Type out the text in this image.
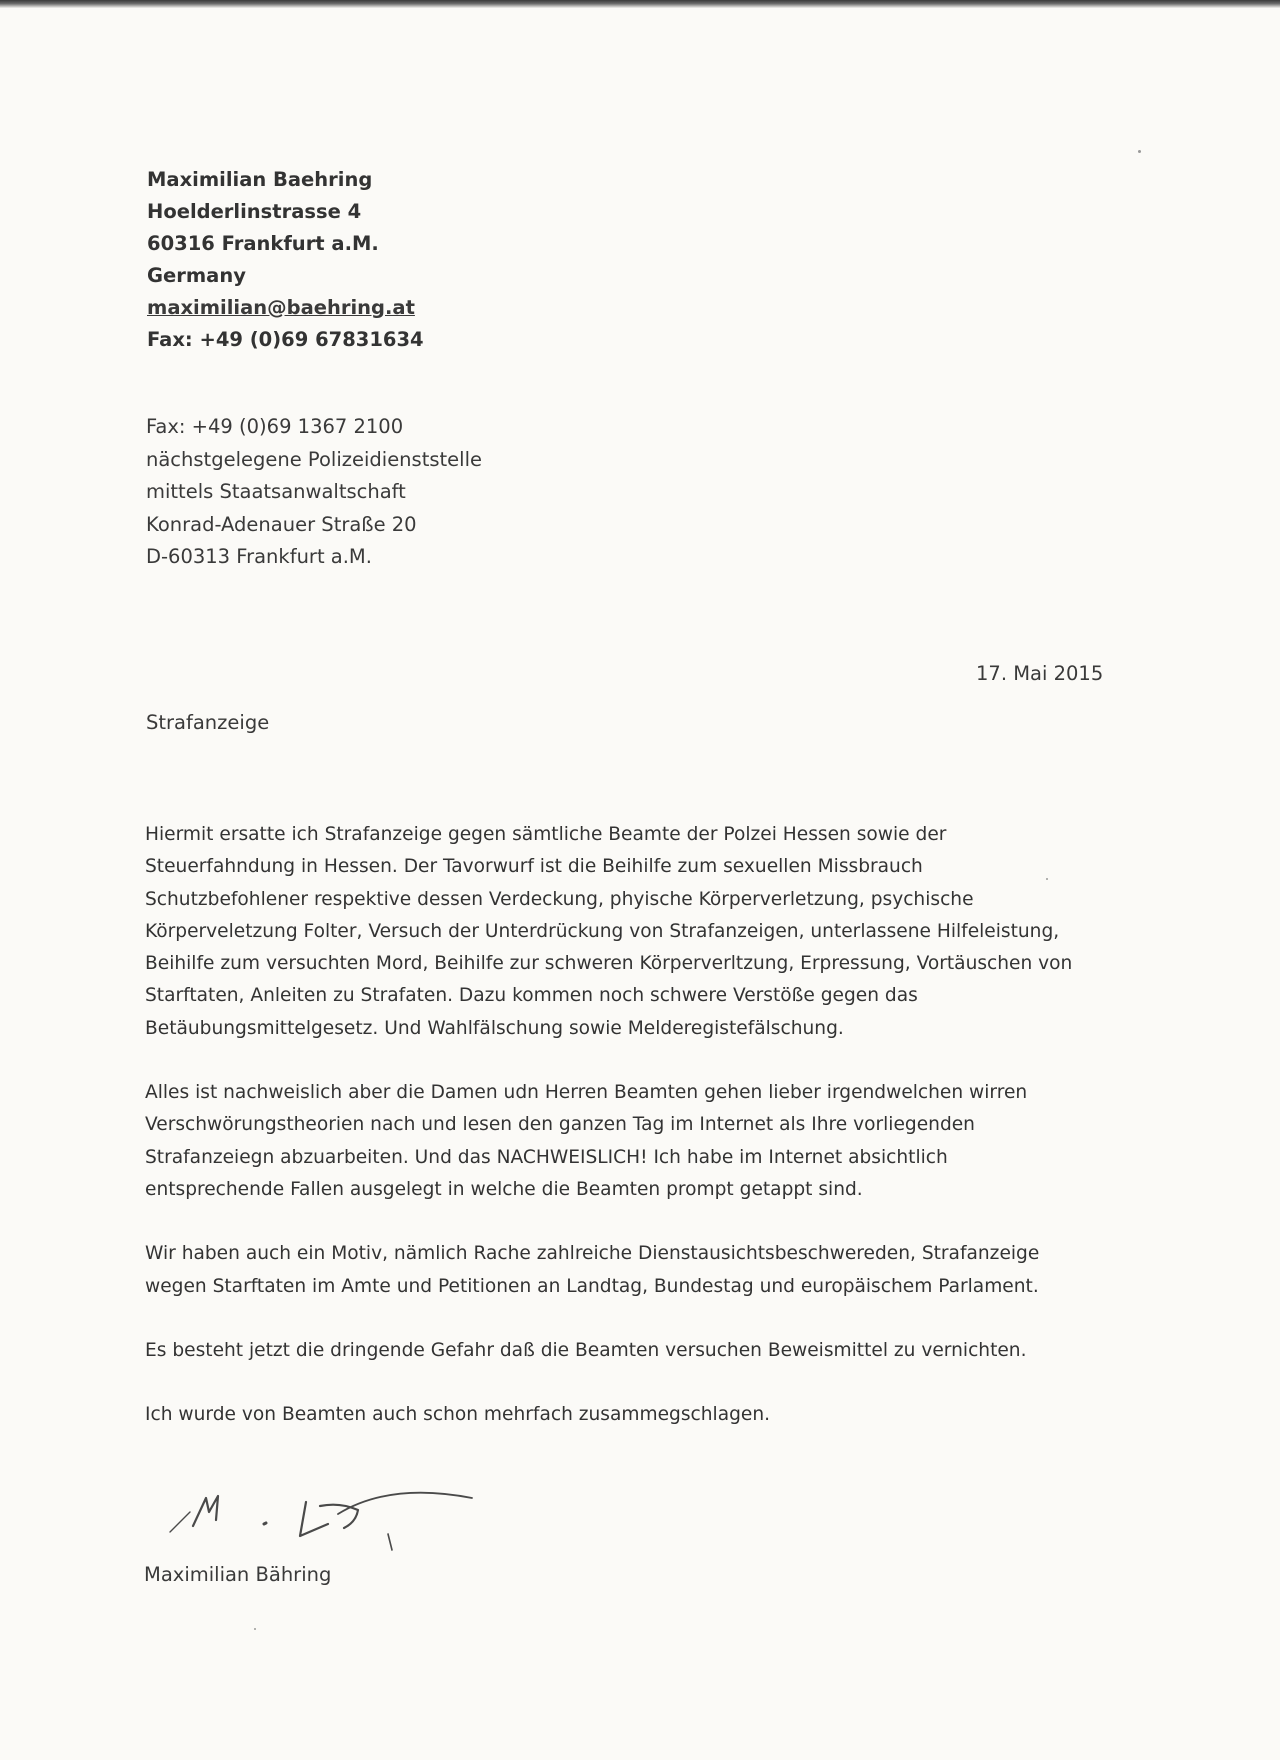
Maximilian Baehring
Hoelderlinstrasse 4
60316 Frankfurt a.M.
Germany
maximilian@baehring.at
Fax: +49 (0)69 67831634
Fax: +49 (0)69 1367 2100
nächstgelegene Polizeidienststelle
mittels Staatsanwaltschaft
Konrad-Adenauer Straße 20
D-60313 Frankfurt a.M.
17. Mai 2015
Strafanzeige

Hiermit ersatte ich Strafanzeige gegen sämtliche Beamte der Polzei Hessen sowie der
Steuerfahndung in Hessen. Der Tavorwurf ist die Beihilfe zum sexuellen Missbrauch
Schutzbefohlener respektive dessen Verdeckung, phyische Körperverletzung, psychische
Körperveletzung Folter, Versuch der Unterdrückung von Strafanzeigen, unterlassene Hilfeleistung,
Beihilfe zum versuchten Mord, Beihilfe zur schweren Körperverltzung, Erpressung, Vortäuschen von
Starftaten, Anleiten zu Strafaten. Dazu kommen noch schwere Verstöße gegen das
Betäubungsmittelgesetz. Und Wahlfälschung sowie Melderegistefälschung.

Alles ist nachweislich aber die Damen udn Herren Beamten gehen lieber irgendwelchen wirren
Verschwörungstheorien nach und lesen den ganzen Tag im Internet als Ihre vorliegenden
Strafanzeiegn abzuarbeiten. Und das NACHWEISLICH! Ich habe im Internet absichtlich
entsprechende Fallen ausgelegt in welche die Beamten prompt getappt sind.

Wir haben auch ein Motiv, nämlich Rache zahlreiche Dienstausichtsbeschwereden, Strafanzeige
wegen Starftaten im Amte und Petitionen an Landtag, Bundestag und europäischem Parlament.

Es besteht jetzt die dringende Gefahr daß die Beamten versuchen Beweismittel zu vernichten.

Ich wurde von Beamten auch schon mehrfach zusammegschlagen.

Maximilian Bähring
